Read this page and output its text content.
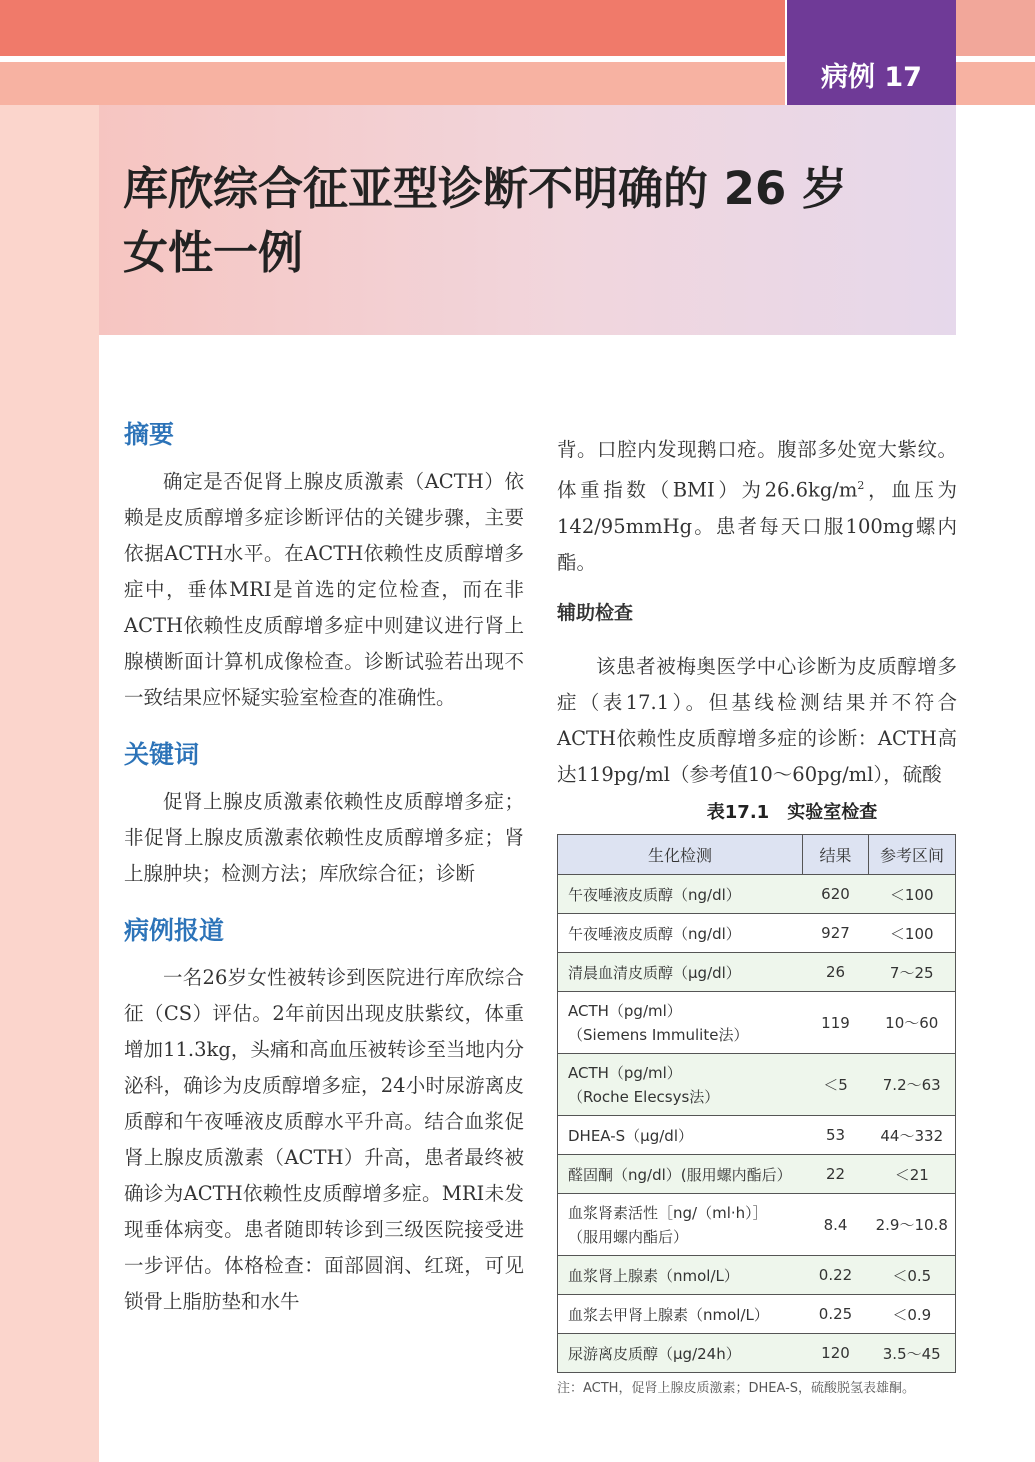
病例 17
库欣综合征亚型诊断不明确的 26 岁
女性一例
摘要

确定是否促肾上腺皮质激素（ACTH）依赖是皮质醇增多症诊断评估的关键步骤，主要依据ACTH水平。在ACTH依赖性皮质醇增多症中，垂体MRI是首选的定位检查，而在非ACTH依赖性皮质醇增多症中则建议进行肾上腺横断面计算机成像检查。诊断试验若出现不一致结果应怀疑实验室检查的准确性。

关键词

促肾上腺皮质激素依赖性皮质醇增多症；非促肾上腺皮质激素依赖性皮质醇增多症；肾上腺肿块；检测方法；库欣综合征；诊断

病例报道

一名26岁女性被转诊到医院进行库欣综合征（CS）评估。2年前因出现皮肤紫纹，体重增加11.3kg，头痛和高血压被转诊至当地内分泌科，确诊为皮质醇增多症，24小时尿游离皮质醇和午夜唾液皮质醇水平升高。结合血浆促肾上腺皮质激素（ACTH）升高，患者最终被确诊为ACTH依赖性皮质醇增多症。MRI未发现垂体病变。患者随即转诊到三级医院接受进一步评估。体格检查：面部圆润、红斑，可见锁骨上脂肪垫和水牛

背。口腔内发现鹅口疮。腹部多处宽大紫纹。体重指数（BMI）为$26.6kg/m^2$，血压为142/95mmHg。患者每天口服100mg螺内酯。

辅助检查

该患者被梅奥医学中心诊断为皮质醇增多症（表17.1）。但基线检测结果并不符合ACTH依赖性皮质醇增多症的诊断：ACTH高达119pg/ml（参考值10～60pg/ml），硫酸

表17.1　实验室检查
生化检测	结果	参考区间
午夜唾液皮质醇（ng/dl）	620	＜100
午夜唾液皮质醇（ng/dl）	927	＜100
清晨血清皮质醇（μg/dl）	26	7～25

ACTH（pg/ml）
（Siemens Immulite法）	119	10～60

ACTH（pg/ml）
（Roche Elecsys法）	＜5	7.2～63
DHEA-S（μg/dl）	53	44～332
醛固酮（ng/dl）(服用螺内酯后）	22	＜21

血浆肾素活性［ng/（ml·h）］
（服用螺内酯后）	8.4	2.9～10.8
血浆肾上腺素（nmol/L）	0.22	＜0.5
血浆去甲肾上腺素（nmol/L）	0.25	＜0.9
尿游离皮质醇（μg/24h）	120	3.5～45

注：ACTH，促肾上腺皮质激素；DHEA-S，硫酸脱氢表雄酮。
